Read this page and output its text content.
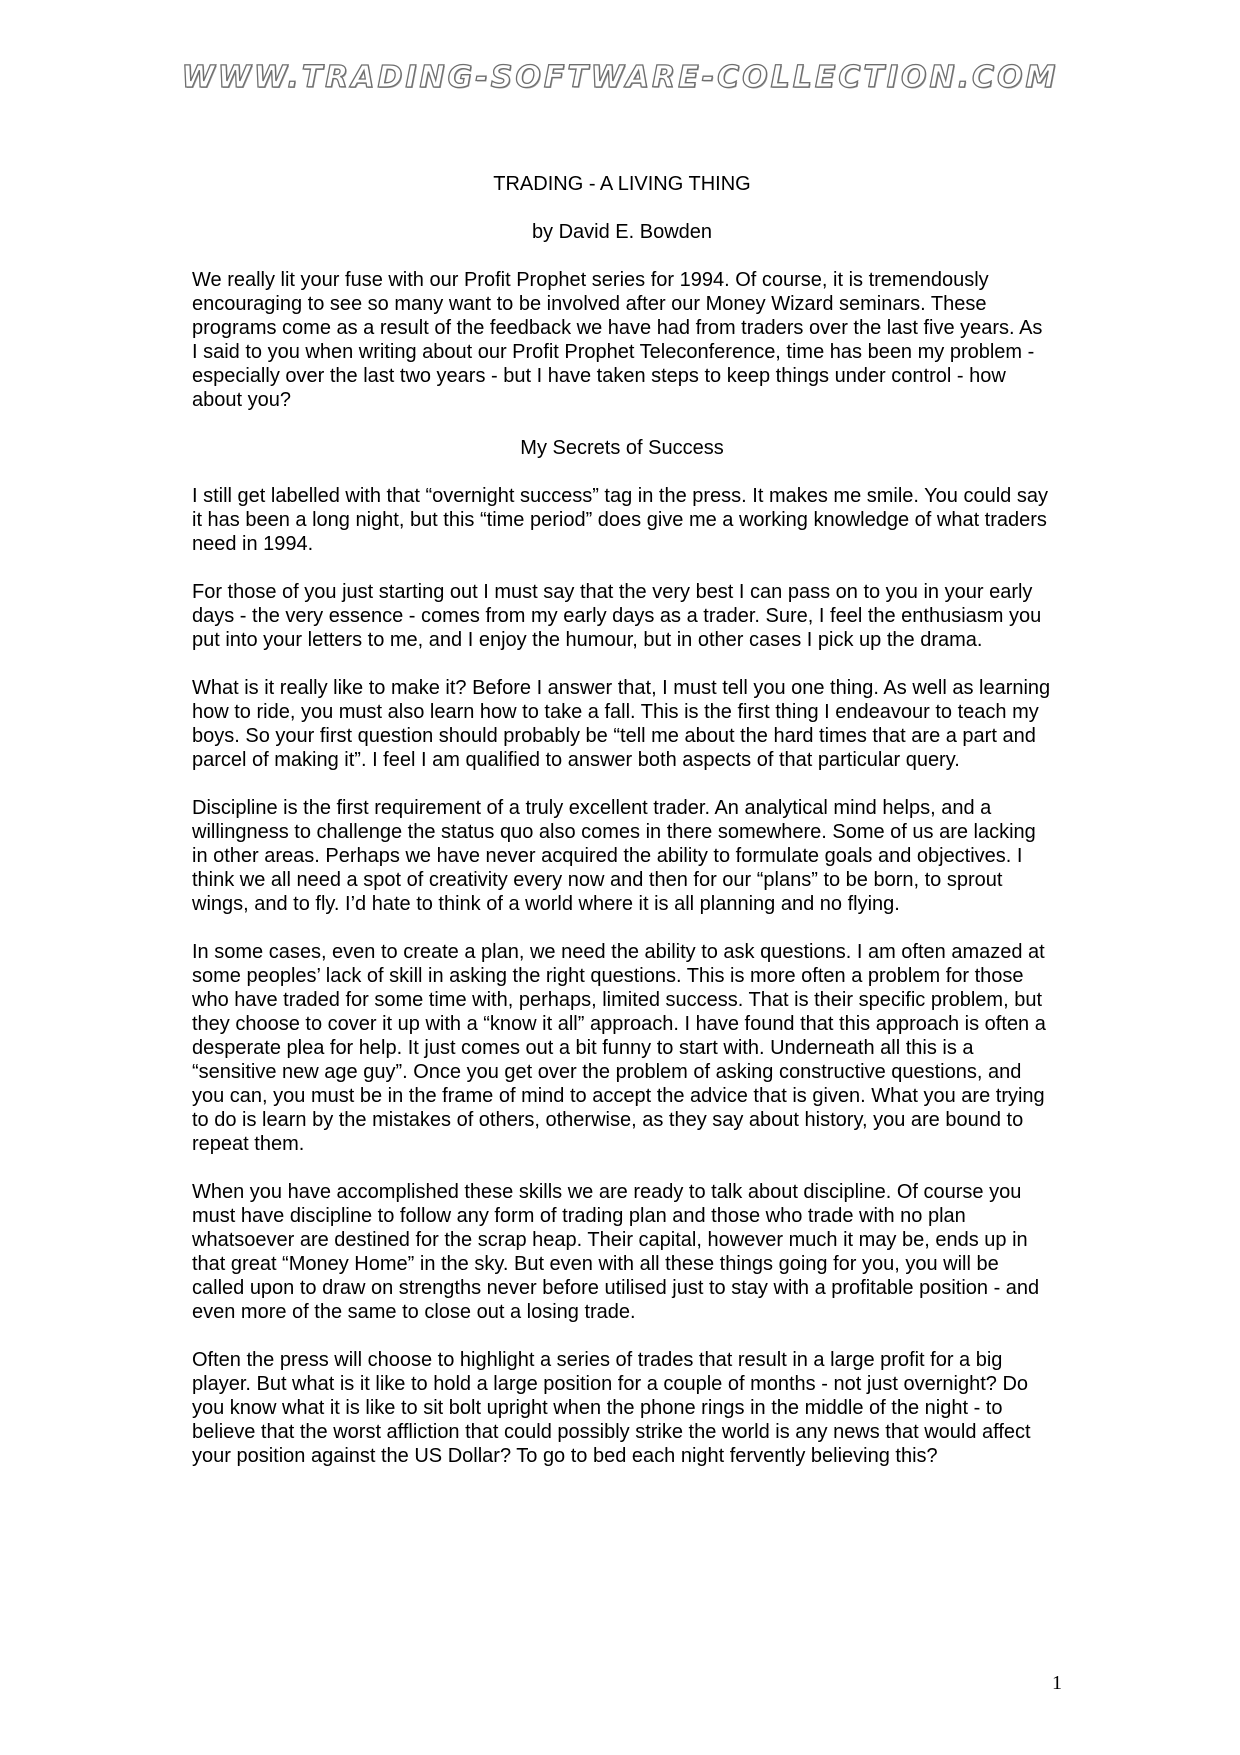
WWW.TRADING-SOFTWARE-COLLECTION.COM

TRADING - A LIVING THING

by David E. Bowden

We really lit your fuse with our Profit Prophet series for 1994. Of course, it is tremendously encouraging to see so many want to be involved after our Money Wizard seminars. These programs come as a result of the feedback we have had from traders over the last five years. As I said to you when writing about our Profit Prophet Teleconference, time has been my problem - especially over the last two years - but I have taken steps to keep things under control - how about you?

My Secrets of Success

I still get labelled with that “overnight success” tag in the press. It makes me smile. You could say it has been a long night, but this “time period” does give me a working knowledge of what traders need in 1994.

For those of you just starting out I must say that the very best I can pass on to you in your early days - the very essence - comes from my early days as a trader. Sure, I feel the enthusiasm you put into your letters to me, and I enjoy the humour, but in other cases I pick up the drama.

What is it really like to make it? Before I answer that, I must tell you one thing. As well as learning how to ride, you must also learn how to take a fall. This is the first thing I endeavour to teach my boys. So your first question should probably be “tell me about the hard times that are a part and parcel of making it”. I feel I am qualified to answer both aspects of that particular query.

Discipline is the first requirement of a truly excellent trader. An analytical mind helps, and a willingness to challenge the status quo also comes in there somewhere. Some of us are lacking in other areas. Perhaps we have never acquired the ability to formulate goals and objectives. I think we all need a spot of creativity every now and then for our “plans” to be born, to sprout wings, and to fly. I’d hate to think of a world where it is all planning and no flying.

In some cases, even to create a plan, we need the ability to ask questions. I am often amazed at some peoples’ lack of skill in asking the right questions. This is more often a problem for those who have traded for some time with, perhaps, limited success. That is their specific problem, but they choose to cover it up with a “know it all” approach. I have found that this approach is often a desperate plea for help. It just comes out a bit funny to start with. Underneath all this is a “sensitive new age guy”. Once you get over the problem of asking constructive questions, and you can, you must be in the frame of mind to accept the advice that is given. What you are trying to do is learn by the mistakes of others, otherwise, as they say about history, you are bound to repeat them.

When you have accomplished these skills we are ready to talk about discipline. Of course you must have discipline to follow any form of trading plan and those who trade with no plan whatsoever are destined for the scrap heap. Their capital, however much it may be, ends up in that great “Money Home” in the sky. But even with all these things going for you, you will be called upon to draw on strengths never before utilised just to stay with a profitable position - and even more of the same to close out a losing trade.

Often the press will choose to highlight a series of trades that result in a large profit for a big player. But what is it like to hold a large position for a couple of months - not just overnight? Do you know what it is like to sit bolt upright when the phone rings in the middle of the night - to believe that the worst affliction that could possibly strike the world is any news that would affect your position against the US Dollar? To go to bed each night fervently believing this?

1
